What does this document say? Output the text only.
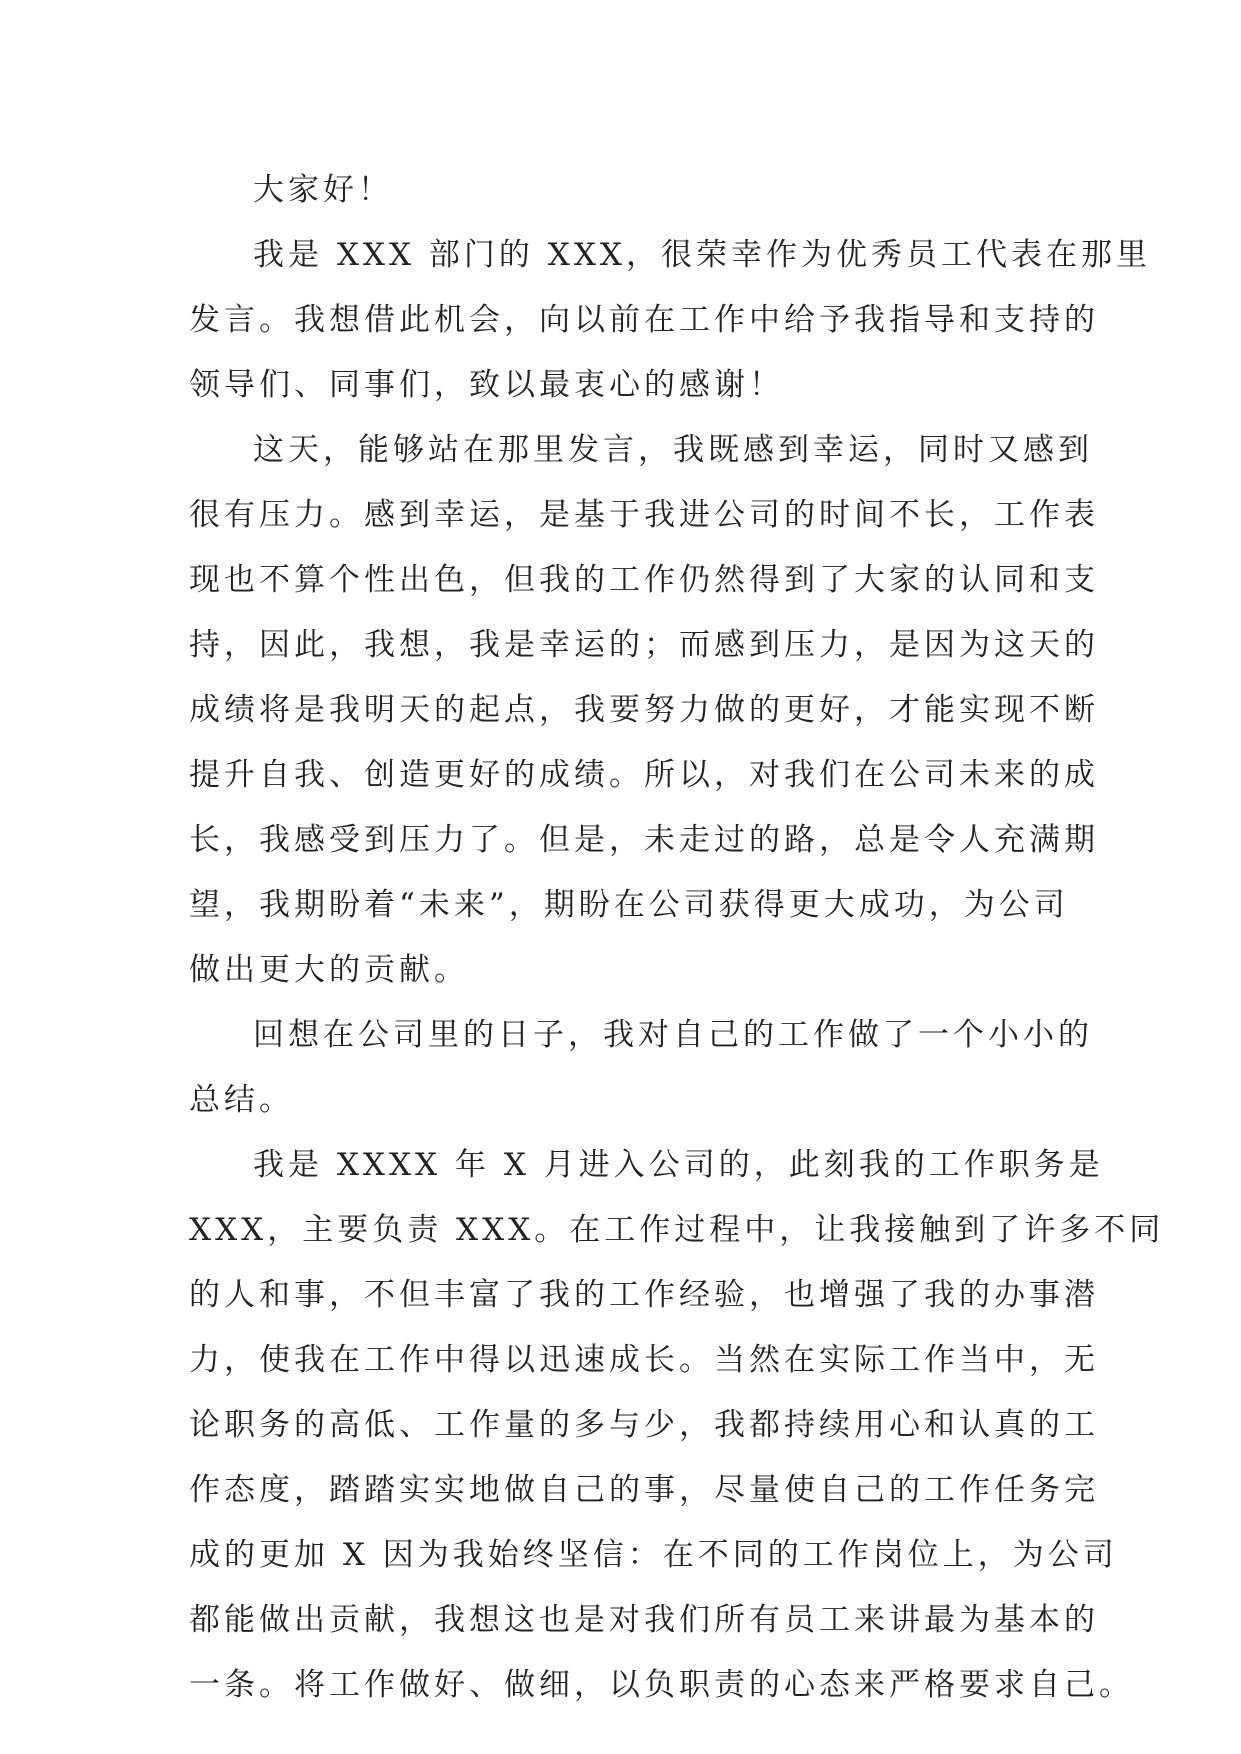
大家好！
我是 XXX 部门的 XXX，很荣幸作为优秀员工代表在那里
发言。我想借此机会，向以前在工作中给予我指导和支持的
领导们、同事们，致以最衷心的感谢！
这天，能够站在那里发言，我既感到幸运，同时又感到
很有压力。感到幸运，是基于我进公司的时间不长，工作表
现也不算个性出色，但我的工作仍然得到了大家的认同和支
持，因此，我想，我是幸运的；而感到压力，是因为这天的
成绩将是我明天的起点，我要努力做的更好，才能实现不断
提升自我、创造更好的成绩。所以，对我们在公司未来的成
长，我感受到压力了。但是，未走过的路，总是令人充满期
望，我期盼着“未来”，期盼在公司获得更大成功，为公司
做出更大的贡献。
回想在公司里的日子，我对自己的工作做了一个小小的
总结。
我是 XXXX 年 X 月进入公司的，此刻我的工作职务是
XXX，主要负责 XXX。在工作过程中，让我接触到了许多不同
的人和事，不但丰富了我的工作经验，也增强了我的办事潜
力，使我在工作中得以迅速成长。当然在实际工作当中，无
论职务的高低、工作量的多与少，我都持续用心和认真的工
作态度，踏踏实实地做自己的事，尽量使自己的工作任务完
成的更加 X 因为我始终坚信：在不同的工作岗位上，为公司
都能做出贡献，我想这也是对我们所有员工来讲最为基本的
一条。将工作做好、做细，以负职责的心态来严格要求自己。
